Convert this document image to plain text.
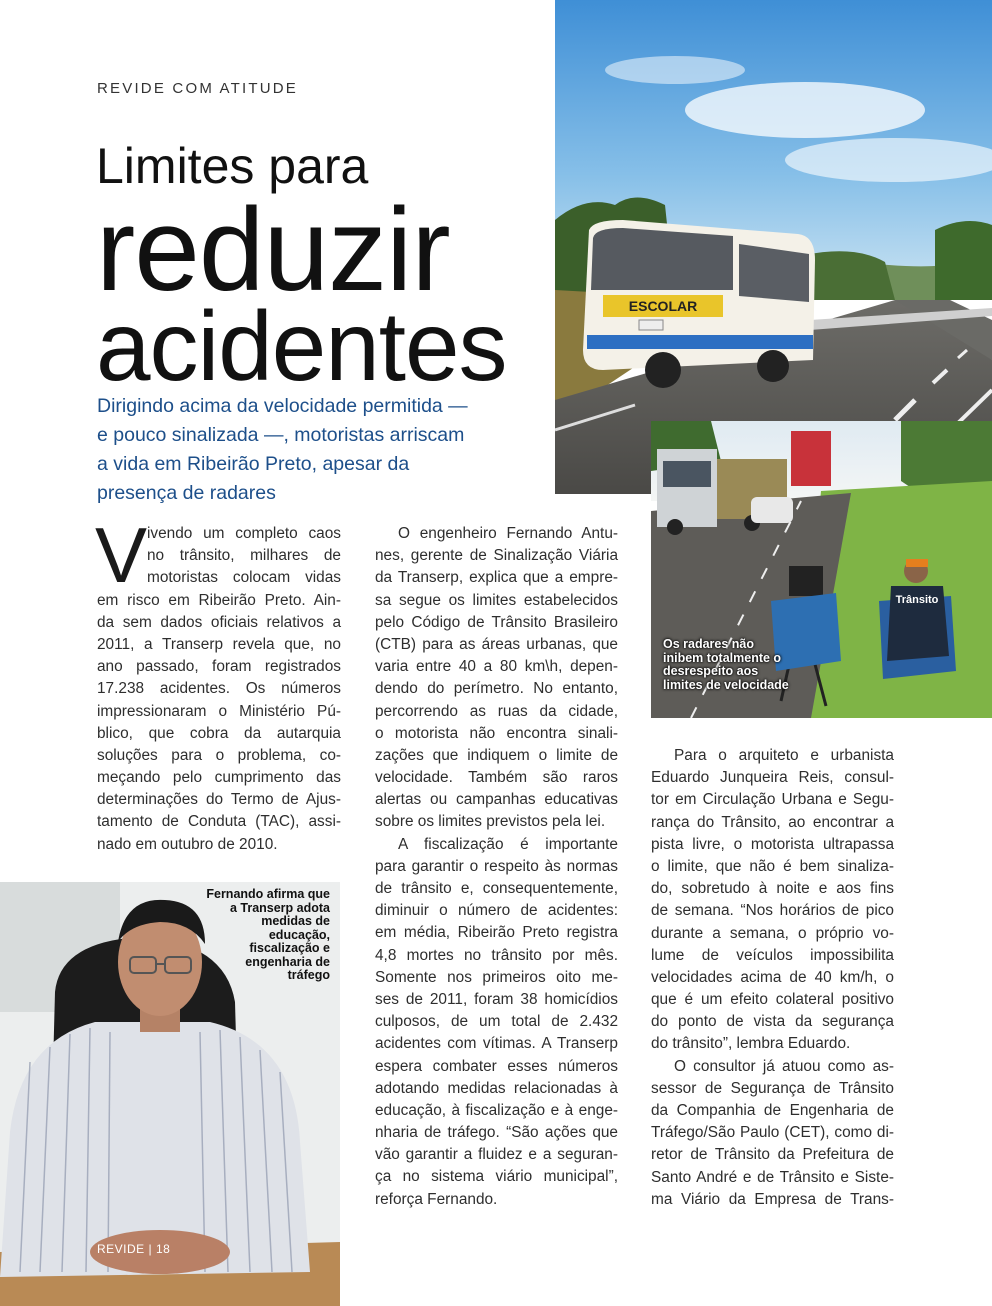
REVIDE COM ATITUDE
Limites para
reduzir
acidentes
Dirigindo acima da velocidade permitida —
e pouco sinalizada —, motoristas arriscam
a vida em Ribeirão Preto, apesar da
presença de radares
ESCOLAR
Trânsito
Os radares não inibem totalmente o desrespeito aos limites de velocidade
Fernando afirma que a Transerp adota medidas de educação, fiscalização e engenharia de tráfego
REVIDE | 18
V ivendo um completo caos
no trânsito, milhares de
motoristas colocam vidas
em risco em Ribeirão Preto. Ain-
da sem dados oficiais relativos a
2011, a Transerp revela que, no
ano passado, foram registrados
17.238 acidentes. Os números
impressionaram o Ministério Pú-
blico, que cobra da autarquia
soluções para o problema, co-
meçando pelo cumprimento das
determinações do Termo de Ajus-
tamento de Conduta (TAC), assi-
nado em outubro de 2010.
O engenheiro Fernando Antu-
nes, gerente de Sinalização Viária
da Transerp, explica que a empre-
sa segue os limites estabelecidos
pelo Código de Trânsito Brasileiro
(CTB) para as áreas urbanas, que
varia entre 40 a 80 km\h, depen-
dendo do perímetro. No entanto,
percorrendo as ruas da cidade,
o motorista não encontra sinali-
zações que indiquem o limite de
velocidade. Também são raros
alertas ou campanhas educativas
sobre os limites previstos pela lei.
A fiscalização é importante
para garantir o respeito às normas
de trânsito e, consequentemente,
diminuir o número de acidentes:
em média, Ribeirão Preto registra
4,8 mortes no trânsito por mês.
Somente nos primeiros oito me-
ses de 2011, foram 38 homicídios
culposos, de um total de 2.432
acidentes com vítimas. A Transerp
espera combater esses números
adotando medidas relacionadas à
educação, à fiscalização e à enge-
nharia de tráfego. “São ações que
vão garantir a fluidez e a seguran-
ça no sistema viário municipal”,
reforça Fernando.
Para o arquiteto e urbanista
Eduardo Junqueira Reis, consul-
tor em Circulação Urbana e Segu-
rança do Trânsito, ao encontrar a
pista livre, o motorista ultrapassa
o limite, que não é bem sinaliza-
do, sobretudo à noite e aos fins
de semana. “Nos horários de pico
durante a semana, o próprio vo-
lume de veículos impossibilita
velocidades acima de 40 km/h, o
que é um efeito colateral positivo
do ponto de vista da segurança
do trânsito”, lembra Eduardo.
O consultor já atuou como as-
sessor de Segurança de Trânsito
da Companhia de Engenharia de
Tráfego/São Paulo (CET), como di-
retor de Trânsito da Prefeitura de
Santo André e de Trânsito e Siste-
ma Viário da Empresa de Trans-
